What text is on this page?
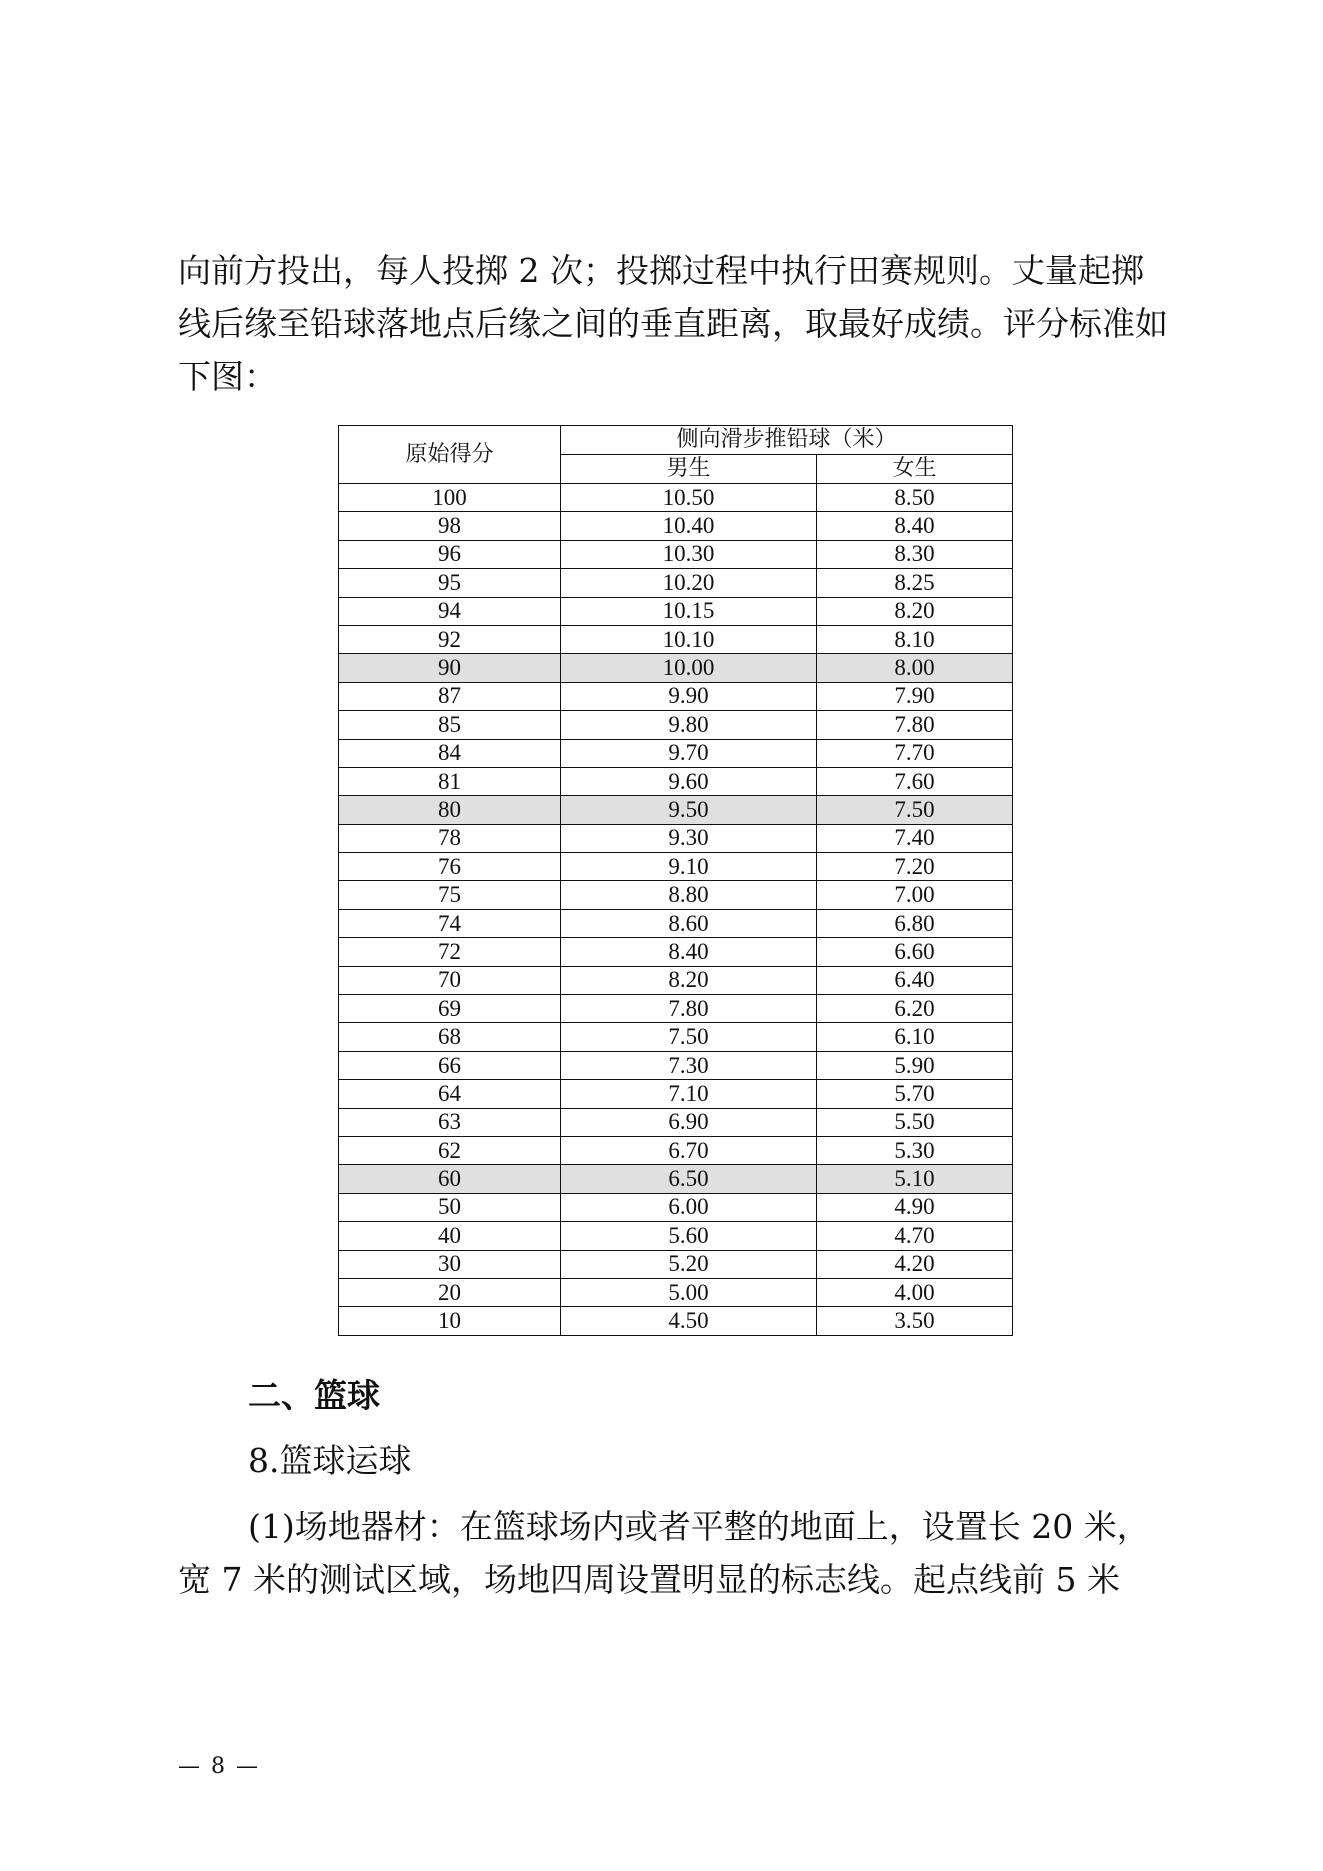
向前方投出，每人投掷 2 次；投掷过程中执行田赛规则。丈量起掷线后缘至铅球落地点后缘之间的垂直距离，取最好成绩。评分标准如下图：

原始得分	侧向滑步推铅球（米）	
	男生	女生
100	10.50	8.50
98	10.40	8.40
96	10.30	8.30
95	10.20	8.25
94	10.15	8.20
92	10.10	8.10
90	10.00	8.00
87	9.90	7.90
85	9.80	7.80
84	9.70	7.70
81	9.60	7.60
80	9.50	7.50
78	9.30	7.40
76	9.10	7.20
75	8.80	7.00
74	8.60	6.80
72	8.40	6.60
70	8.20	6.40
69	7.80	6.20
68	7.50	6.10
66	7.30	5.90
64	7.10	5.70
63	6.90	5.50
62	6.70	5.30
60	6.50	5.10
50	6.00	4.90
40	5.60	4.70
30	5.20	4.20
20	5.00	4.00
10	4.50	3.50

二、篮球

8.篮球运球

(1)场地器材：在篮球场内或者平整的地面上，设置长 20 米，宽 7 米的测试区域，场地四周设置明显的标志线。起点线前 5 米

— 8 —
